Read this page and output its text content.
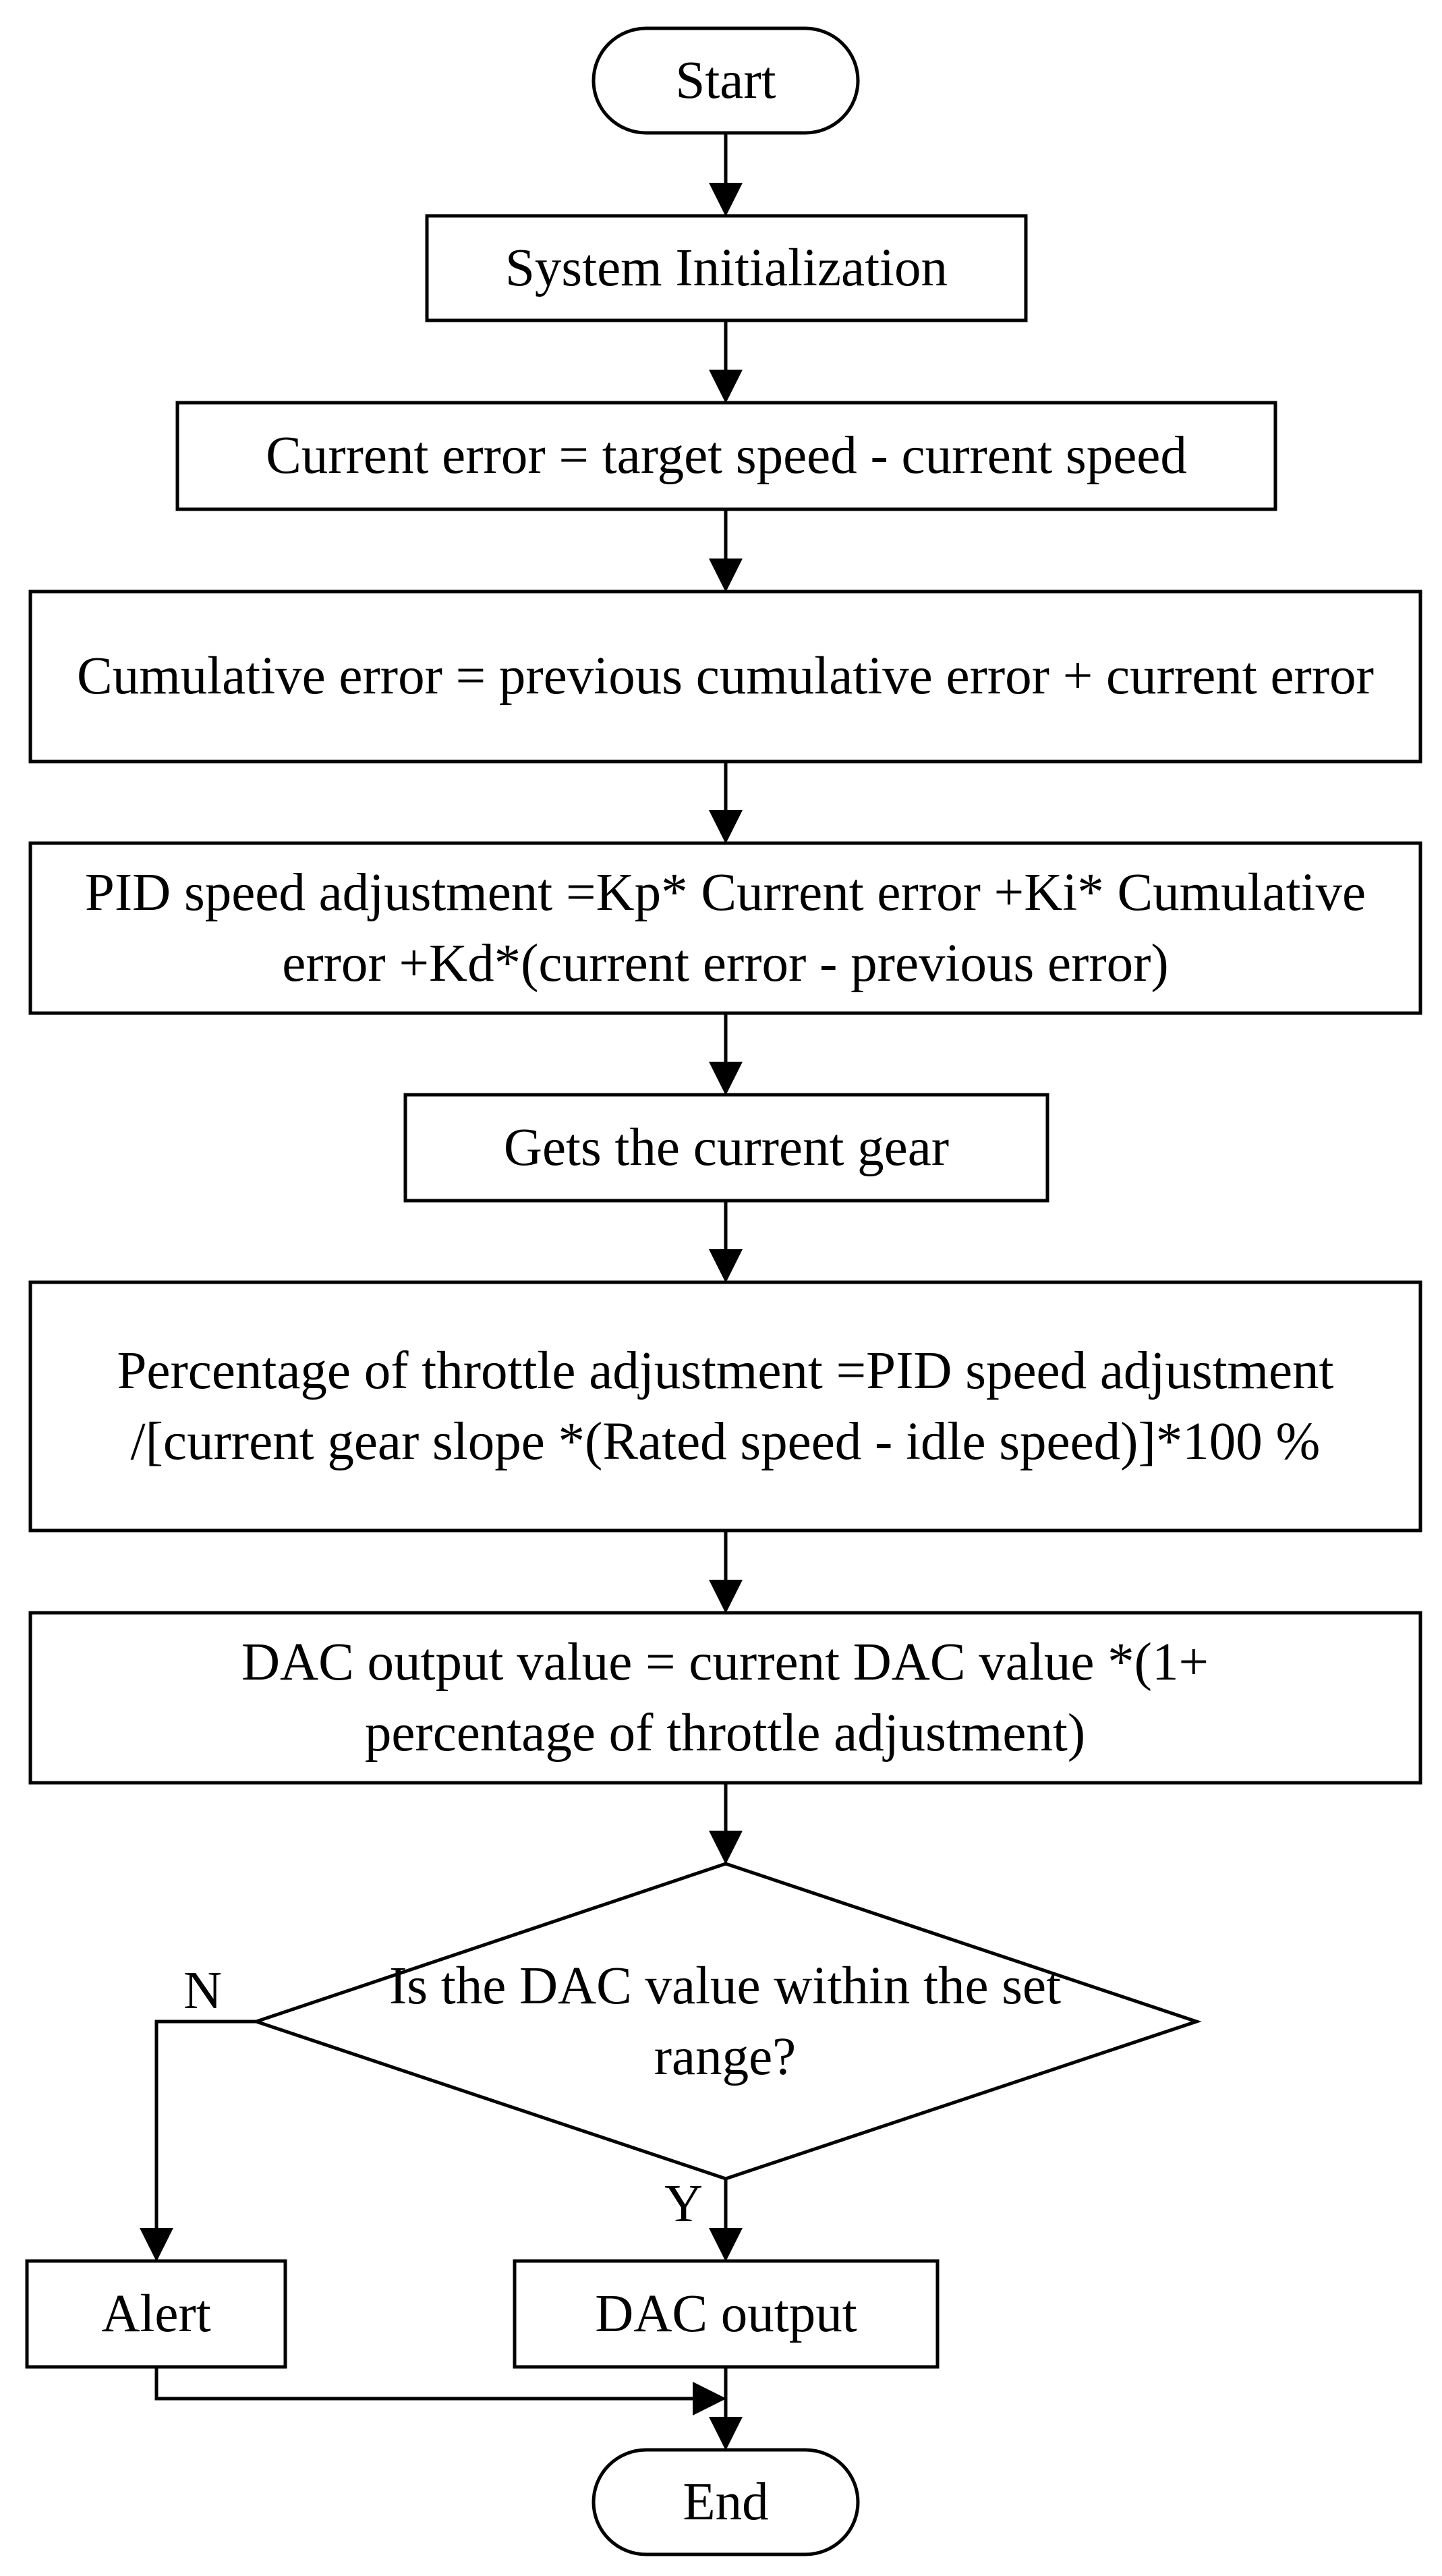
Start
System Initialization
Current error = target speed - current speed
Cumulative error = previous cumulative error + current error
PID speed adjustment =Kp* Current error +Ki* Cumulative error +Kd*(current error - previous error)
Gets the current gear
Percentage of throttle adjustment =PID speed adjustment /[current gear slope *(Rated speed - idle speed)]*100 %
DAC output value = current DAC value *(1+ percentage of throttle adjustment)
Is the DAC value within the set range?
Alert	DAC output
End
N
Y
